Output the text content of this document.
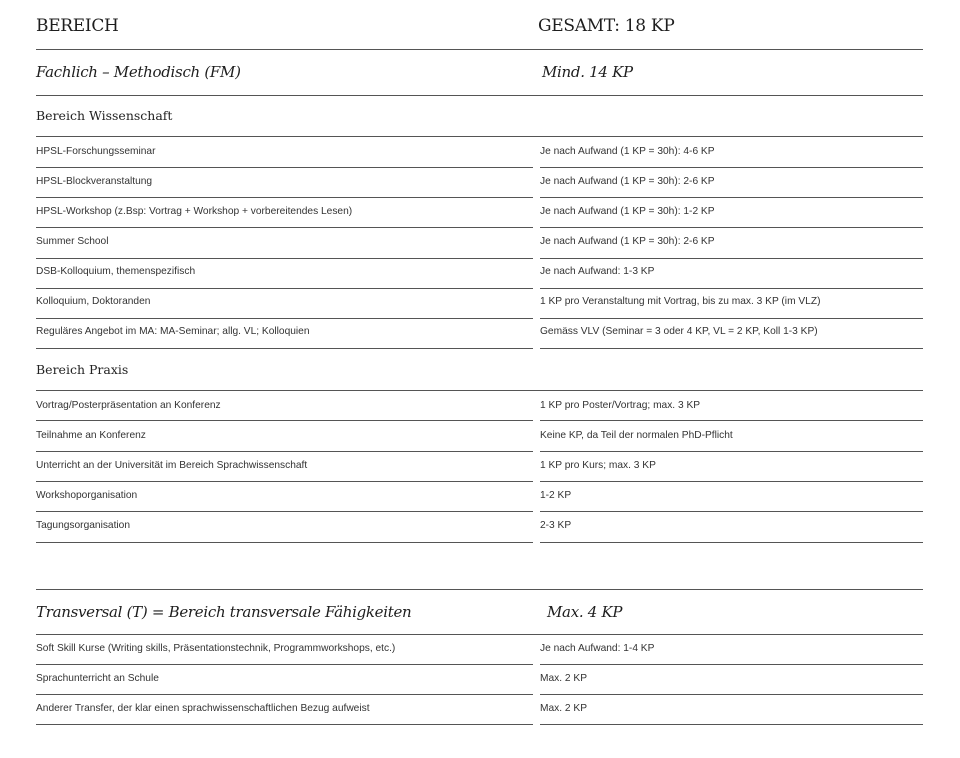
BEREICH	GESAMT: 18 KP
Fachlich – Methodisch (FM)	Mind. 14 KP
Bereich Wissenschaft
HPSL-Forschungsseminar	Je nach Aufwand (1 KP = 30h): 4-6 KP
HPSL-Blockveranstaltung	Je nach Aufwand (1 KP = 30h): 2-6 KP
HPSL-Workshop (z.Bsp: Vortrag + Workshop + vorbereitendes Lesen)	Je nach Aufwand (1 KP = 30h): 1-2 KP
Summer School	Je nach Aufwand (1 KP = 30h): 2-6 KP
DSB-Kolloquium, themenspezifisch	Je nach Aufwand: 1-3 KP
Kolloquium, Doktoranden	1 KP pro Veranstaltung mit Vortrag, bis zu max. 3 KP (im VLZ)
Reguläres Angebot im MA: MA-Seminar; allg. VL; Kolloquien	Gemäss VLV (Seminar = 3 oder 4 KP, VL = 2 KP, Koll 1-3 KP)
Bereich Praxis
Vortrag/Posterpräsentation an Konferenz	1 KP pro Poster/Vortrag; max. 3 KP
Teilnahme an Konferenz	Keine KP, da Teil der normalen PhD-Pflicht
Unterricht an der Universität im Bereich Sprachwissenschaft	1 KP pro Kurs; max. 3 KP
Workshoporganisation	1-2 KP
Tagungsorganisation	2-3 KP
Transversal (T) = Bereich transversale Fähigkeiten	Max. 4 KP
Soft Skill Kurse (Writing skills, Präsentationstechnik, Programmworkshops, etc.)	Je nach Aufwand: 1-4 KP
Sprachunterricht an Schule	Max. 2 KP
Anderer Transfer, der klar einen sprachwissenschaftlichen Bezug aufweist	Max. 2 KP
